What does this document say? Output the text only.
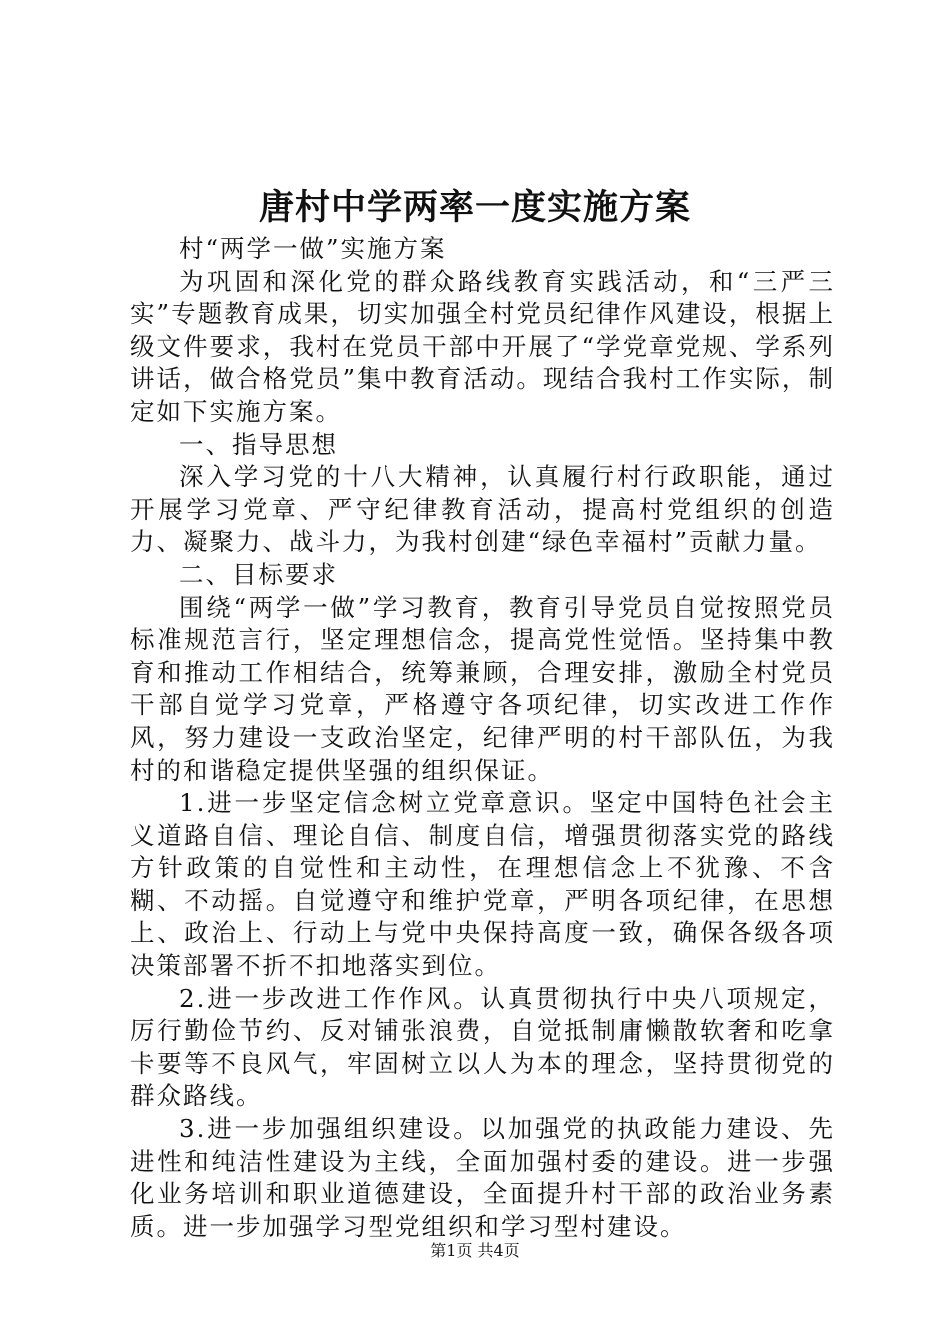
唐村中学两率一度实施方案

村“两学一做”实施方案

为巩固和深化党的群众路线教育实践活动，和“三严三实”专题教育成果，切实加强全村党员纪律作风建设，根据上级文件要求，我村在党员干部中开展了“学党章党规、学系列讲话，做合格党员”集中教育活动。现结合我村工作实际，制定如下实施方案。

一、指导思想

深入学习党的十八大精神，认真履行村行政职能，通过开展学习党章、严守纪律教育活动，提高村党组织的创造力、凝聚力、战斗力，为我村创建“绿色幸福村”贡献力量。

二、目标要求

围绕“两学一做”学习教育，教育引导党员自觉按照党员标准规范言行，坚定理想信念，提高党性觉悟。坚持集中教育和推动工作相结合，统筹兼顾，合理安排，激励全村党员干部自觉学习党章，严格遵守各项纪律，切实改进工作作风，努力建设一支政治坚定，纪律严明的村干部队伍，为我村的和谐稳定提供坚强的组织保证。

1.进一步坚定信念树立党章意识。坚定中国特色社会主义道路自信、理论自信、制度自信，增强贯彻落实党的路线方针政策的自觉性和主动性，在理想信念上不犹豫、不含糊、不动摇。自觉遵守和维护党章，严明各项纪律，在思想上、政治上、行动上与党中央保持高度一致，确保各级各项决策部署不折不扣地落实到位。

2.进一步改进工作作风。认真贯彻执行中央八项规定，厉行勤俭节约、反对铺张浪费，自觉抵制庸懒散软奢和吃拿卡要等不良风气，牢固树立以人为本的理念，坚持贯彻党的群众路线。

3.进一步加强组织建设。以加强党的执政能力建设、先进性和纯洁性建设为主线，全面加强村委的建设。进一步强化业务培训和职业道德建设，全面提升村干部的政治业务素质。进一步加强学习型党组织和学习型村建设。

第1页 共4页
